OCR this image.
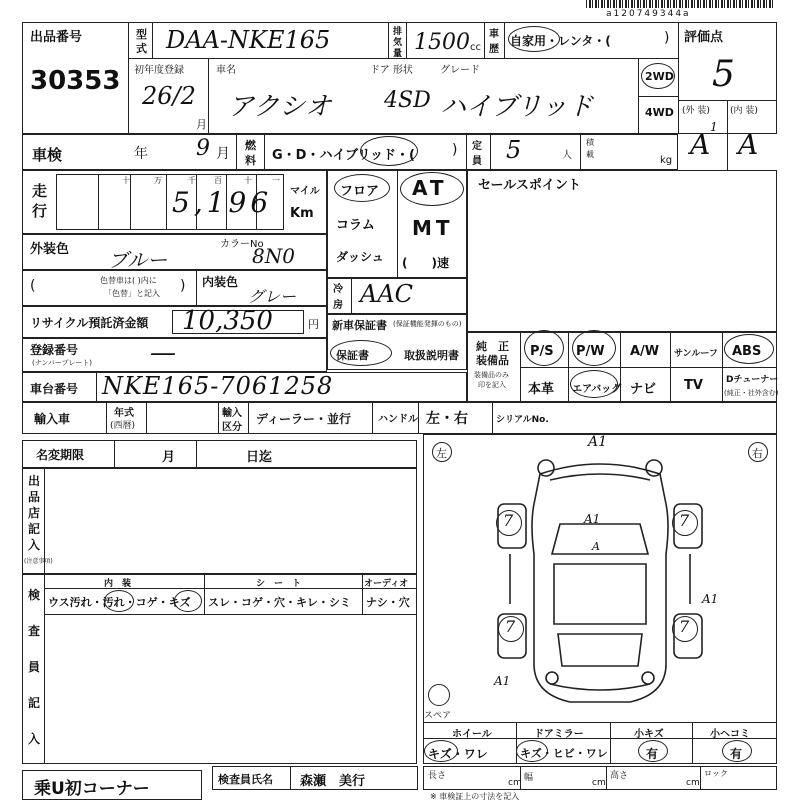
a120749344a
出品番号
30353
型
式 DAA-NKE165	排
気
量 1500 cc
車
歴
自家用・レンタ・(	) 評価点
5
(外 装) (内 装)
初年度登録
26/2
月
車名
アクシオ
ドア 形状	グレード
4SD ハイブリッド
2WD
4WD
A
1
A
車検	年 9 月
燃
料 G・D・ハイブリッド・(	) 定
員 5	人
積
載
kg
走
行
十	万	千 百	十	一
5,196 マイル
Km
フロア
コラム
ダッシュ
AT
MT
(　　)速
セールスポイント
外装色 ブルー
カラーNo
8N0
(	色替車は( )内に
「色替」と記入 ) 内装色
グレー	冷
房 AAC
リサイクル預託済金額 10,350	円 新車保証書 (保証機能発揮のもの)
保証書	取扱説明書
登録番号
(ナンバープレート) —	純　正
装備品
装備品のみ
印を記入
P/S P/W A/W サンルーフ ABS
本革 エアバッグ ナビ TV	Dチューナー
(純正・社外含む)
車台番号 NKE165-7061258
輸入車	年式
(西暦)
輸入
区分
ディーラー・並行	ハンドル 左・右	シリアルNo.
名変期限	月	日迄
出
品
店
記
入
(注意事項)
検
査
員
記
入
内　装	シ　ー　ト	オーディオ
ウス汚れ・汚れ・コゲ・キズ スレ・コゲ・穴・キレ・シミ ナシ・穴
左	右
A1
A1
A
A1
A1
7	7
7	7
スペア
ホイール	ドアミラー	小キズ	小ヘコミ
キズ・ワレ	キズ・ヒビ・ワレ	有	有
乗U初コーナー	検査員氏名 森瀬　美行	長さ
cm 幅	cm
高さ
cm
ロック
※ 車検証上の寸法を記入
